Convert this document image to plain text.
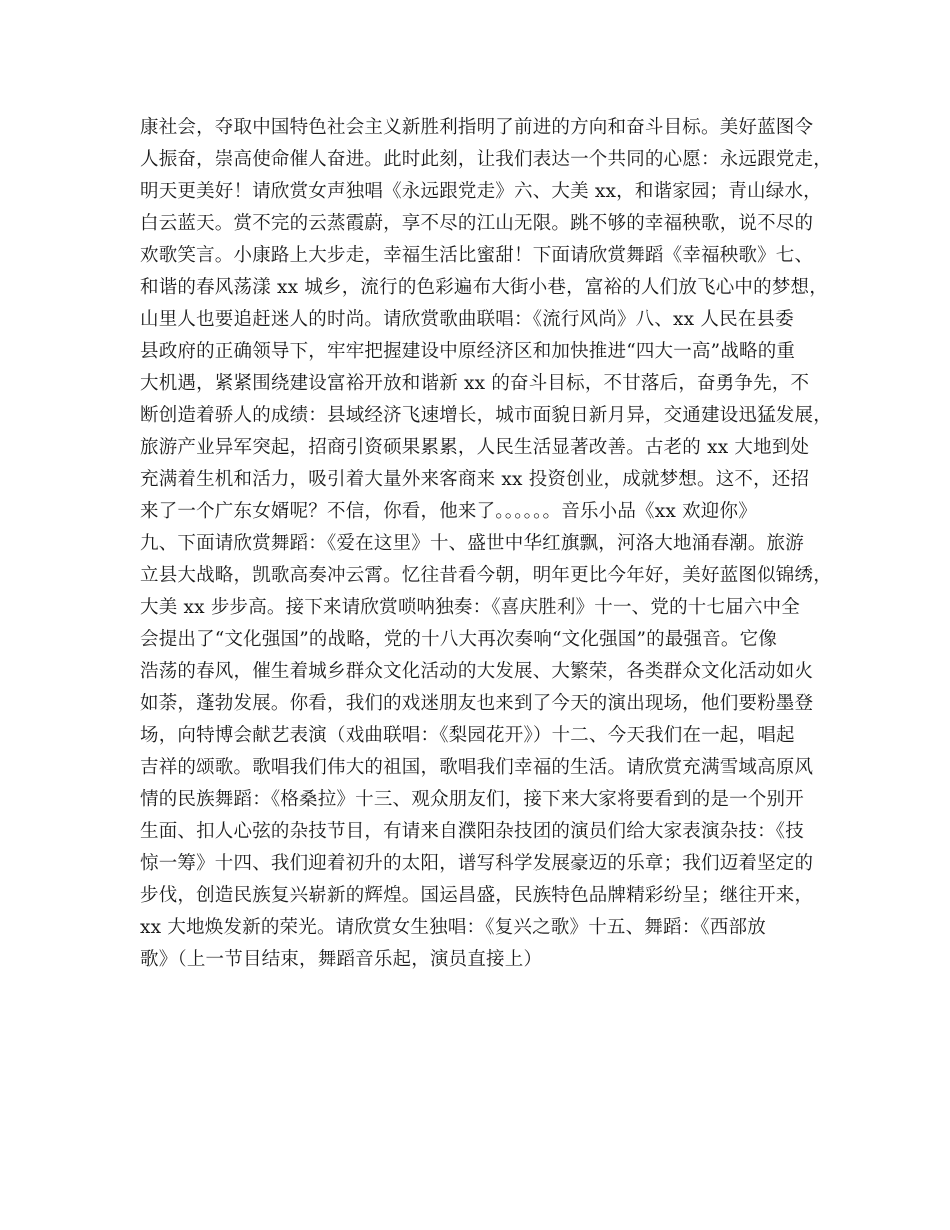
康社会，夺取中国特色社会主义新胜利指明了前进的方向和奋斗目标。美好蓝图令
人振奋，崇高使命催人奋进。此时此刻，让我们表达一个共同的心愿：永远跟党走，
明天更美好！请欣赏女声独唱《永远跟党走》六、大美 xx，和谐家园；青山绿水，
白云蓝天。赏不完的云蒸霞蔚，享不尽的江山无限。跳不够的幸福秧歌，说不尽的
欢歌笑言。小康路上大步走，幸福生活比蜜甜！下面请欣赏舞蹈《幸福秧歌》七、
和谐的春风荡漾 xx 城乡，流行的色彩遍布大街小巷，富裕的人们放飞心中的梦想，
山里人也要追赶迷人的时尚。请欣赏歌曲联唱：《流行风尚》八、xx 人民在县委
县政府的正确领导下，牢牢把握建设中原经济区和加快推进“四大一高”战略的重
大机遇，紧紧围绕建设富裕开放和谐新 xx 的奋斗目标，不甘落后，奋勇争先，不
断创造着骄人的成绩：县域经济飞速增长，城市面貌日新月异，交通建设迅猛发展，
旅游产业异军突起，招商引资硕果累累，人民生活显著改善。古老的 xx 大地到处
充满着生机和活力，吸引着大量外来客商来 xx 投资创业，成就梦想。这不，还招
来了一个广东女婿呢？不信，你看，他来了。。。。。。音乐小品《xx 欢迎你》
九、下面请欣赏舞蹈：《爱在这里》十、盛世中华红旗飘，河洛大地涌春潮。旅游
立县大战略，凯歌高奏冲云霄。忆往昔看今朝，明年更比今年好，美好蓝图似锦绣，
大美 xx 步步高。接下来请欣赏唢呐独奏：《喜庆胜利》十一、党的十七届六中全
会提出了“文化强国”的战略，党的十八大再次奏响“文化强国”的最强音。它像
浩荡的春风，催生着城乡群众文化活动的大发展、大繁荣，各类群众文化活动如火
如荼，蓬勃发展。你看，我们的戏迷朋友也来到了今天的演出现场，他们要粉墨登
场，向特博会献艺表演（戏曲联唱：《梨园花开》）十二、今天我们在一起，唱起
吉祥的颂歌。歌唱我们伟大的祖国，歌唱我们幸福的生活。请欣赏充满雪域高原风
情的民族舞蹈：《格桑拉》十三、观众朋友们，接下来大家将要看到的是一个别开
生面、扣人心弦的杂技节目，有请来自濮阳杂技团的演员们给大家表演杂技：《技
惊一筹》十四、我们迎着初升的太阳，谱写科学发展豪迈的乐章；我们迈着坚定的
步伐，创造民族复兴崭新的辉煌。国运昌盛，民族特色品牌精彩纷呈；继往开来，
xx 大地焕发新的荣光。请欣赏女生独唱：《复兴之歌》十五、舞蹈：《西部放
歌》（上一节目结束，舞蹈音乐起，演员直接上）
